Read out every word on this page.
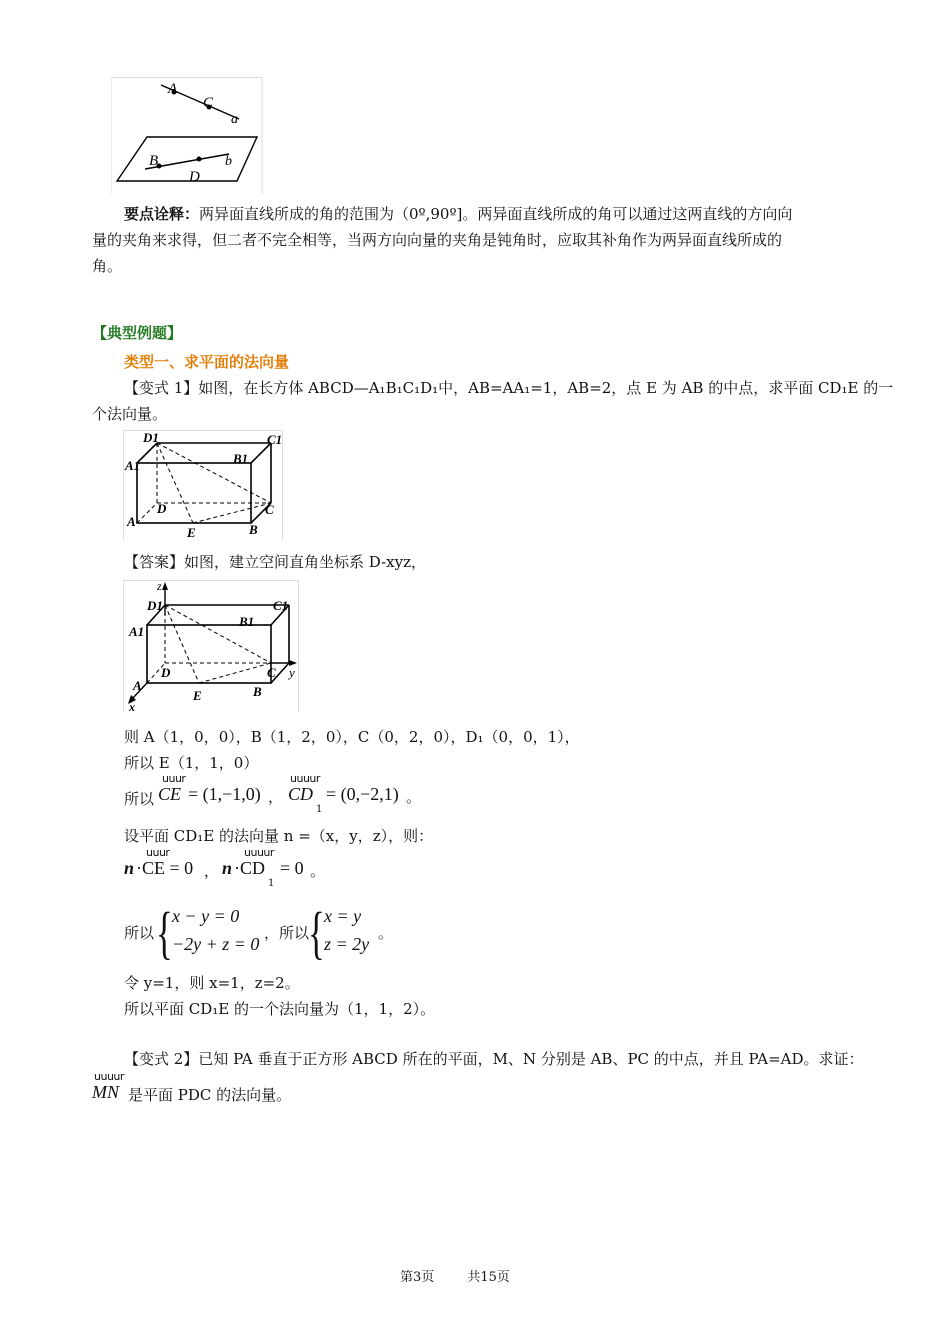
A
C
a
B
D
b
要点诠释：两异面直线所成的角的范围为（0º,90º]。两异面直线所成的角可以通过这两直线的方向向
量的夹角来求得，但二者不完全相等，当两方向向量的夹角是钝角时，应取其补角作为两异面直线所成的
角。
【典型例题】
类型一、求平面的法向量
【变式 1】如图，在长方体 ABCD—A₁B₁C₁D₁中，AB=AA₁=1，AB=2，点 E 为 AB 的中点，求平面 CD₁E 的一
个法向量。
D1	C1
A1	B1
D	C
A
E	B
【答案】如图，建立空间直角坐标系 D-xyz，
z
D1	C1
A1
B1
D	C y
A
E	B
x
则 A（1，0，0），B（1，2，0），C（0，2，0），D₁（0，0，1），
所以 E（1，1，0）
uuur
所以 CE = (1,−1,0) ，
uuuur
CD
1
= (0,−2,1) 。
设平面 CD₁E 的法向量 n =（x，y，z），则：
uuur
n ·CE = 0 ，
uuuur
n ·CD
1
= 0 。
所以 { x − y = 0
−2y + z = 0
，所以
{ x = y
z = 2y
。
令 y=1，则 x=1，z=2。
所以平面 CD₁E 的一个法向量为（1，1，2）。
【变式 2】已知 PA 垂直于正方形 ABCD 所在的平面，M、N 分别是 AB、PC 的中点，并且 PA=AD。求证：
uuuur
MN 是平面 PDC 的法向量。
第3页        共15页
